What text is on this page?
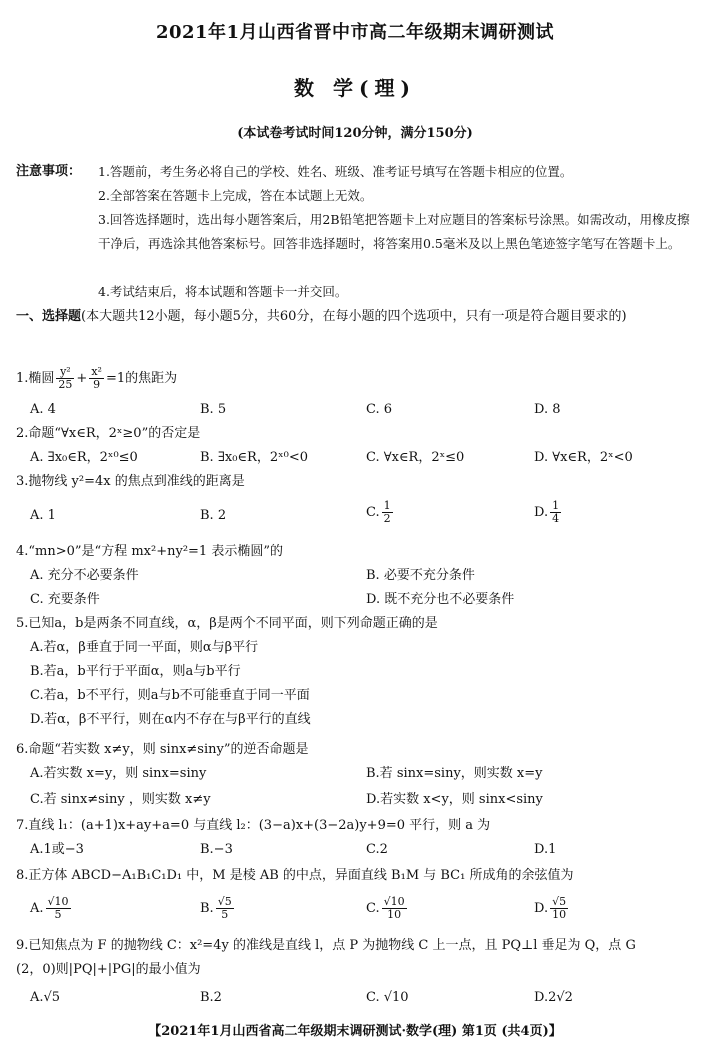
2021年1月山西省晋中市高二年级期末调研测试
数 学(理)
(本试卷考试时间120分钟，满分150分)
注意事项： 1.答题前，考生务必将自己的学校、姓名、班级、准考证号填写在答题卡相应的位置。
2.全部答案在答题卡上完成，答在本试题上无效。
3.回答选择题时，选出每小题答案后，用2B铅笔把答题卡上对应题目的答案标号涂黑。如需改动，用橡皮擦干净后，再选涂其他答案标号。回答非选择题时，将答案用0.5毫米及以上黑色笔迹签字笔写在答题卡上。
4.考试结束后，将本试题和答题卡一并交回。
一、选择题(本大题共12小题，每小题5分，共60分，在每小题的四个选项中，只有一项是符合题目要求的)
1.椭圆 $\frac{\text{y²}}{25} + \frac{\text{x²}}{9} =1$的焦距为
A. 4	B. 5	C. 6	D. 8
2.命题“∀x∈R，2ˣ≥0”的否定是
A. ∃x₀∈R，2ˣ⁰≤0	B. ∃x₀∈R，2ˣ⁰<0	C. ∀x∈R，2ˣ≤0	D. ∀x∈R，2ˣ<0
3.抛物线 y²=4x 的焦点到准线的距离是
A. 1	B. 2	C. $\frac{1}{2}$	D. $\frac{1}{4}$
4.“mn>0”是“方程 mx²+ny²=1 表示椭圆”的
A. 充分不必要条件	B. 必要不充分条件
C. 充要条件	D. 既不充分也不必要条件
5.已知a，b是两条不同直线，α，β是两个不同平面，则下列命题正确的是
A.若α，β垂直于同一平面，则α与β平行
B.若a，b平行于平面α，则a与b平行
C.若a，b不平行，则a与b不可能垂直于同一平面
D.若α，β不平行，则在α内不存在与β平行的直线
6.命题“若实数 x≠y，则 sinx≠siny”的逆否命题是
A.若实数 x=y，则 sinx=siny	B.若 sinx=siny，则实数 x=y
C.若 sinx≠siny ，则实数 x≠y	D.若实数 x<y，则 sinx<siny
7.直线 l₁：(a+1)x+ay+a=0 与直线 l₂：(3−a)x+(3−2a)y+9=0 平行，则 a 为
A.1或−3	B.−3	C.2	D.1
8.正方体 ABCD−A₁B₁C₁D₁ 中，M 是棱 AB 的中点，异面直线 B₁M 与 BC₁ 所成角的余弦值为
A. $\frac{√10}{5}$	B. $\frac{√5}{5}$	C. $\frac{√10}{10}$	D. $\frac{√5}{10}$
9.已知焦点为 F 的抛物线 C：x²=4y 的准线是直线 l，点 P 为抛物线 C 上一点，且 PQ⊥l 垂足为 Q，点 G
(2，0)则|PQ|+|PG|的最小值为
A.√5	B.2	C. √10	D.2√2
【2021年1月山西省高二年级期末调研测试·数学(理) 第1页 (共4页)】
